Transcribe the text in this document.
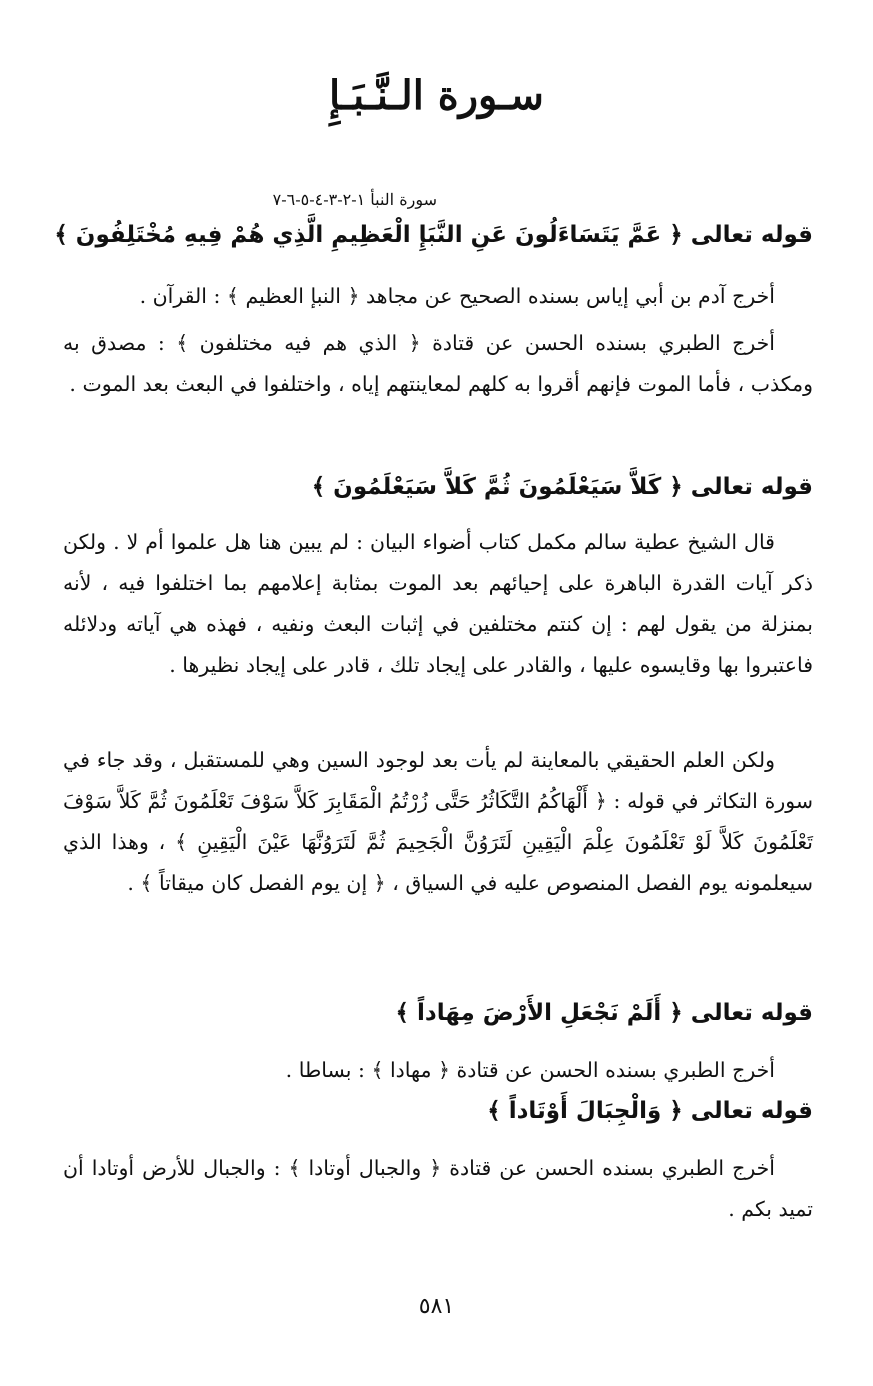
سـورة الـنَّـبَـإِ
سورة النبأ ١-٢-٣-٤-٥-٦-٧
قوله تعالى ﴿ عَمَّ يَتَسَاءَلُونَ عَنِ النَّبَإِ الْعَظِيمِ الَّذِي هُمْ فِيهِ مُخْتَلِفُونَ ﴾
أخرج آدم بن أبي إياس بسنده الصحيح عن مجاهد ﴿ النبإ العظيم ﴾ : القرآن .
أخرج الطبري بسنده الحسن عن قتادة ﴿ الذي هم فيه مختلفون ﴾ : مصدق به ومكذب ، فأما الموت فإنهم أقروا به كلهم لمعاينتهم إياه ، واختلفوا في البعث بعد الموت .
قوله تعالى ﴿ كَلاَّ سَيَعْلَمُونَ ثُمَّ كَلاَّ سَيَعْلَمُونَ ﴾
قال الشيخ عطية سالم مكمل كتاب أضواء البيان : لم يبين هنا هل علموا أم لا . ولكن ذكر آيات القدرة الباهرة على إحيائهم بعد الموت بمثابة إعلامهم بما اختلفوا فيه ، لأنه بمنزلة من يقول لهم : إن كنتم مختلفين في إثبات البعث ونفيه ، فهذه هي آياته ودلائله فاعتبروا بها وقايسوه عليها ، والقادر على إيجاد تلك ، قادر على إيجاد نظيرها .
ولكن العلم الحقيقي بالمعاينة لم يأت بعد لوجود السين وهي للمستقبل ، وقد جاء في سورة التكاثر في قوله : ﴿ أَلْهَاكُمُ التَّكَاثُرُ حَتَّى زُرْتُمُ الْمَقَابِرَ كَلاَّ سَوْفَ تَعْلَمُونَ ثُمَّ كَلاَّ سَوْفَ تَعْلَمُونَ كَلاَّ لَوْ تَعْلَمُونَ عِلْمَ الْيَقِينِ لَتَرَوُنَّ الْجَحِيمَ ثُمَّ لَتَرَوُنَّهَا عَيْنَ الْيَقِينِ ﴾ ، وهذا الذي سيعلمونه يوم الفصل المنصوص عليه في السياق ، ﴿ إن يوم الفصل كان ميقاتاً ﴾ .
قوله تعالى ﴿ أَلَمْ نَجْعَلِ الأَرْضَ مِهَاداً ﴾
أخرج الطبري بسنده الحسن عن قتادة ﴿ مهادا ﴾ : بساطا .
قوله تعالى ﴿ وَالْجِبَالَ أَوْتَاداً ﴾
أخرج الطبري بسنده الحسن عن قتادة ﴿ والجبال أوتادا ﴾ : والجبال للأرض أوتادا أن تميد بكم .
٥٨١
